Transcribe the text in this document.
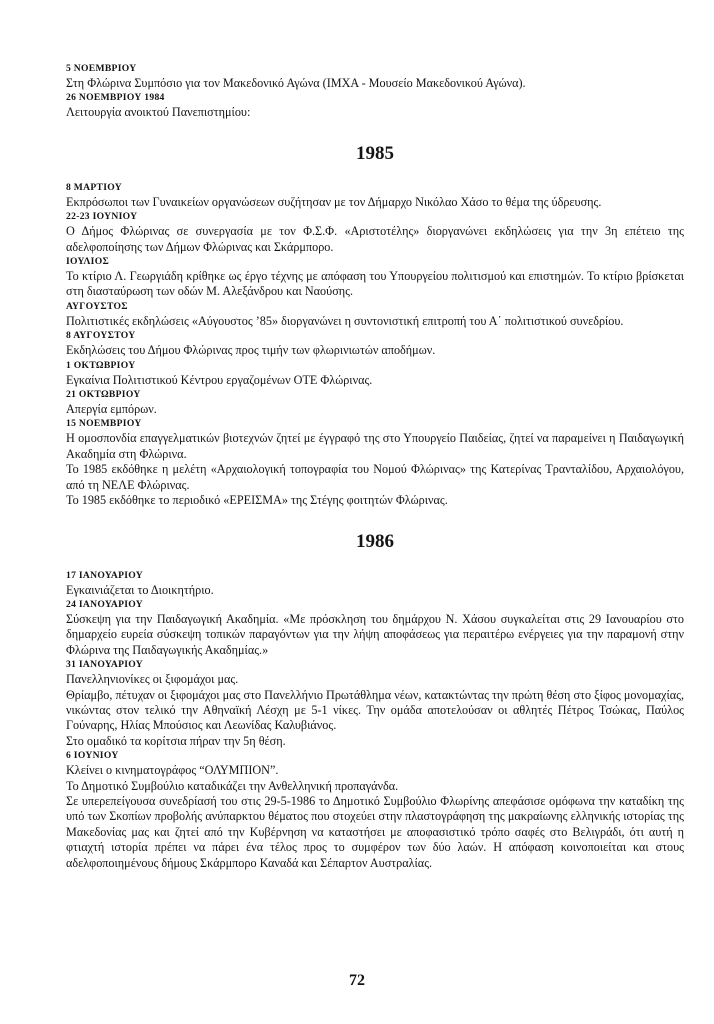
5 ΝΟΕΜΒΡΙΟΥ
Στη Φλώρινα Συμπόσιο για τον Μακεδονικό Αγώνα (ΙΜΧΑ - Μουσείο Μακεδονικού Αγώνα).
26 ΝΟΕΜΒΡΙΟΥ 1984
Λειτουργία ανοικτού Πανεπιστημίου:
1985
8 ΜΑΡΤΙΟΥ
Εκπρόσωποι των Γυναικείων οργανώσεων συζήτησαν με τον Δήμαρχο Νικόλαο Χάσο το θέμα της ύδρευσης.
22-23 ΙΟΥΝΙΟΥ
Ο Δήμος Φλώρινας σε συνεργασία με τον Φ.Σ.Φ. «Αριστοτέλης» διοργανώνει εκδηλώσεις για την 3η επέτειο της αδελφοποίησης των Δήμων Φλώρινας και Σκάρμπορο.
ΙΟΥΛΙΟΣ
Το κτίριο Λ. Γεωργιάδη κρίθηκε ως έργο τέχνης με απόφαση του Υπουργείου πολιτισμού και επιστημών. Το κτίριο βρίσκεται στη διασταύρωση των οδών Μ. Αλεξάνδρου και Ναούσης.
ΑΥΓΟΥΣΤΟΣ
Πολιτιστικές εκδηλώσεις «Αύγουστος ’85» διοργανώνει η συντονιστική επιτροπή του Α΄ πολιτιστικού συνεδρίου.
8 ΑΥΓΟΥΣΤΟΥ
Εκδηλώσεις του Δήμου Φλώρινας προς τιμήν των φλωρινιωτών αποδήμων.
1 ΟΚΤΩΒΡΙΟΥ
Εγκαίνια Πολιτιστικού Κέντρου εργαζομένων ΟΤΕ Φλώρινας.
21 ΟΚΤΩΒΡΙΟΥ
Απεργία εμπόρων.
15 ΝΟΕΜΒΡΙΟΥ
Η ομοσπονδία επαγγελματικών βιοτεχνών ζητεί με έγγραφό της στο Υπουργείο Παιδείας, ζητεί να παραμείνει η Παιδαγωγική Ακαδημία στη Φλώρινα.
Το 1985 εκδόθηκε η μελέτη «Αρχαιολογική τοπογραφία του Νομού Φλώρινας» της Κατερίνας Τρανταλίδου, Αρχαιολόγου, από τη ΝΕΛΕ Φλώρινας.
Το 1985 εκδόθηκε το περιοδικό «ΕΡΕΙΣΜΑ» της Στέγης φοιτητών Φλώρινας.
1986
17 ΙΑΝΟΥΑΡΙΟΥ
Εγκαινιάζεται το Διοικητήριο.
24 ΙΑΝΟΥΑΡΙΟΥ
Σύσκεψη για την Παιδαγωγική Ακαδημία. «Με πρόσκληση του δημάρχου Ν. Χάσου συγκαλείται στις 29 Ιανουαρίου στο δημαρχείο ευρεία σύσκεψη τοπικών παραγόντων για την λήψη αποφάσεως για περαιτέρω ενέργειες για την παραμονή στην Φλώρινα της Παιδαγωγικής Ακαδημίας.»
31 ΙΑΝΟΥΑΡΙΟΥ
Πανελληνιονίκες οι ξιφομάχοι μας.
Θρίαμβο, πέτυχαν οι ξιφομάχοι μας στο Πανελλήνιο Πρωτάθλημα νέων, κατακτώντας την πρώτη θέση στο ξίφος μονομαχίας, νικώντας στον τελικό την Αθηναϊκή Λέσχη με 5-1 νίκες. Την ομάδα αποτελούσαν οι αθλητές Πέτρος Τσώκας, Παύλος Γούναρης, Ηλίας Μπούσιος και Λεωνίδας Καλυβιάνος.
Στο ομαδικό τα κορίτσια πήραν την 5η θέση.
6 ΙΟΥΝΙΟΥ
Κλείνει ο κινηματογράφος “ΟΛΥΜΠΙΟΝ”.
Το Δημοτικό Συμβούλιο καταδικάζει την Ανθελληνική προπαγάνδα.
Σε υπερεπείγουσα συνεδρίασή του στις 29-5-1986 το Δημοτικό Συμβούλιο Φλωρίνης απεφάσισε ομόφωνα την καταδίκη της υπό των Σκοπίων προβολής ανύπαρκτου θέματος που στοχεύει στην πλαστογράφηση της μακραίωνης ελληνικής ιστορίας της Μακεδονίας μας και ζητεί από την Κυβέρνηση να καταστήσει με αποφασιστικό τρόπο σαφές στο Βελιγράδι, ότι αυτή η φτιαχτή ιστορία πρέπει να πάρει ένα τέλος προς το συμφέρον των δύο λαών. Η απόφαση κοινοποιείται και στους αδελφοποιημένους δήμους Σκάρμπορο Καναδά και Σέπαρτον Αυστραλίας.
72
